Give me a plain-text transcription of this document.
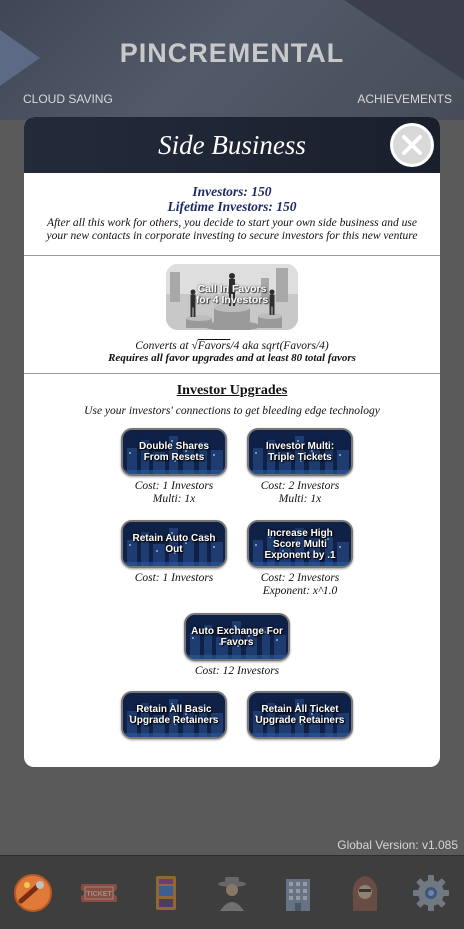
PINCREMENTAL
CLOUD SAVING	ACHIEVEMENTS
Global Version: v1.085
TICKET
Side Business
Investors: 150
Lifetime Investors: 150
After all this work for others, you decide to start your own side business and use your new contacts in corporate investing to secure investors for this new venture
Call In Favors
for 4 Investors
Converts at √Favors/4 aka sqrt(Favors/4)
Requires all favor upgrades and at least 80 total favors
Investor Upgrades
Use your investors' connections to get bleeding edge technology
Double Shares From Resets
Cost: 1 Investors
Multi: 1x
Investor Multi: Triple Tickets
Cost: 2 Investors
Multi: 1x
Retain Auto Cash Out
Cost: 1 Investors
Increase High Score Multi Exponent by .1
Cost: 2 Investors
Exponent: x^1.0
Auto Exchange For Favors
Cost: 12 Investors
Retain All Basic Upgrade Retainers
Retain All Ticket Upgrade Retainers
